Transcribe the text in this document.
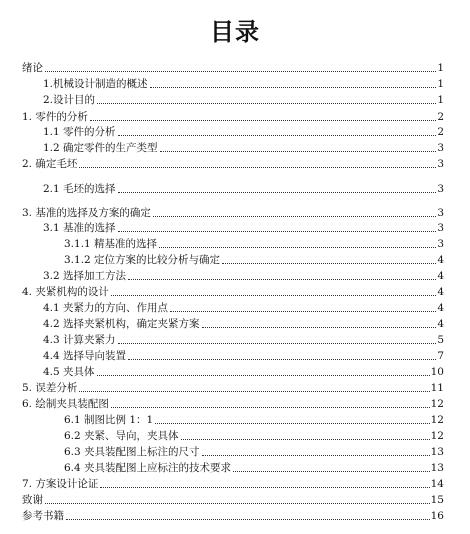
目录
绪论	1
1.机械设计制造的概述	1
2.设计目的	1
1. 零件的分析	2
1.1 零件的分析	2
1.2 确定零件的生产类型	3
2. 确定毛坯	3
2.1 毛坯的选择	3
3. 基准的选择及方案的确定	3
3.1 基准的选择	3
3.1.1 精基准的选择	3
3.1.2 定位方案的比较分析与确定	4
3.2 选择加工方法	4
4. 夹紧机构的设计	4
4.1 夹紧力的方向、作用点	4
4.2 选择夹紧机构，确定夹紧方案	4
4.3 计算夹紧力	5
4.4 选择导向装置	7
4.5 夹具体	10
5. 误差分析	11
6. 绘制夹具装配图	12
6.1 制图比例 1：1	12
6.2 夹紧、导向，夹具体	12
6.3 夹具装配图上标注的尺寸	13
6.4 夹具装配图上应标注的技术要求	13
7. 方案设计论证	14
致谢	15
参考书籍	16
